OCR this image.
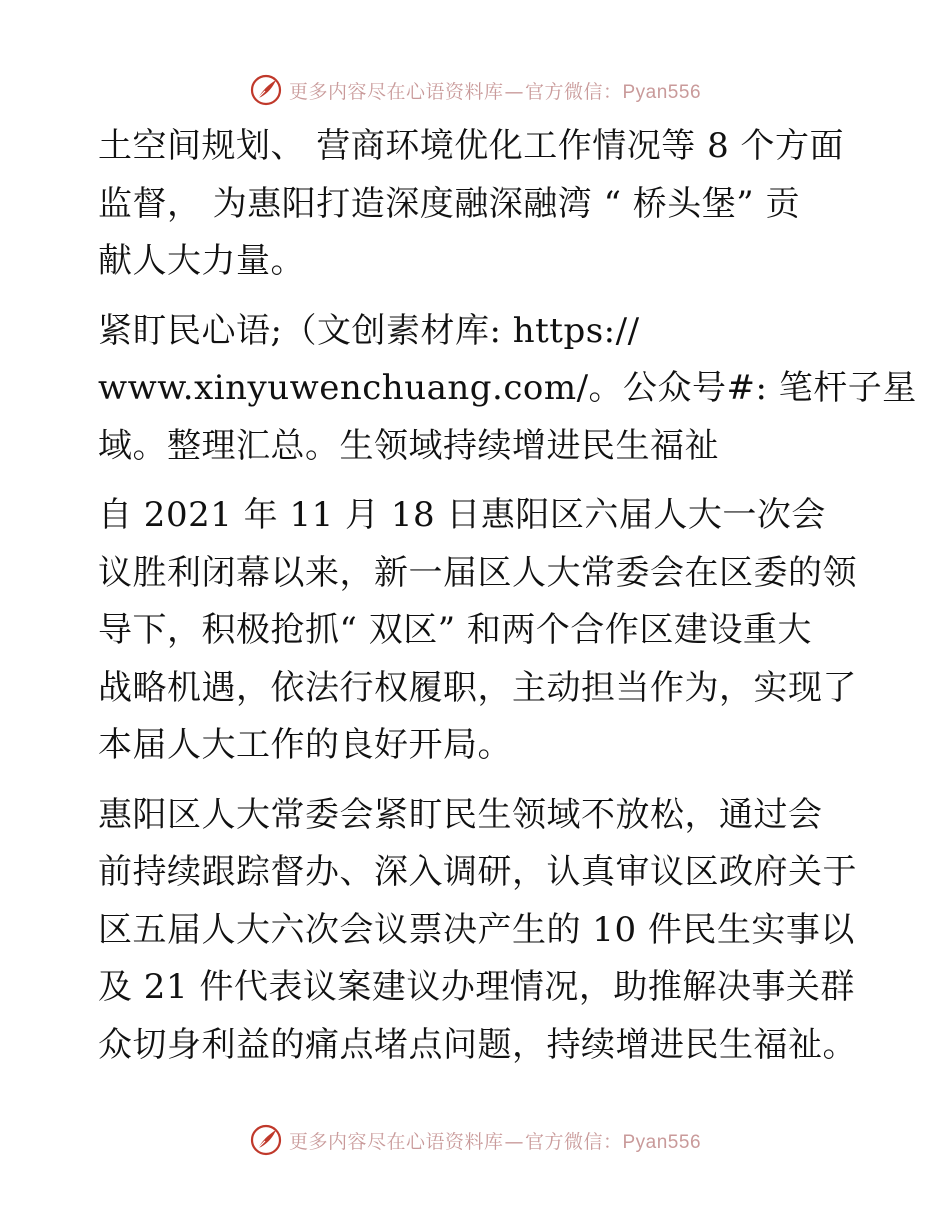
更多内容尽在心语资料库—官方微信：Pyan556

土空间规划、 营商环境优化工作情况等 8 个方面
监督， 为惠阳打造深度融深融湾 “ 桥头堡” 贡
献人大力量。

紧盯民心语;（文创素材库: https://
www.xinyuwenchuang.com/。公众号#: 笔杆子星
域。整理汇总。生领域持续增进民生福祉

自 2021 年 11 月 18 日惠阳区六届人大一次会
议胜利闭幕以来，新一届区人大常委会在区委的领
导下，积极抢抓“ 双区” 和两个合作区建设重大
战略机遇，依法行权履职，主动担当作为，实现了
本届人大工作的良好开局。

惠阳区人大常委会紧盯民生领域不放松，通过会
前持续跟踪督办、深入调研，认真审议区政府关于
区五届人大六次会议票决产生的 10 件民生实事以
及 21 件代表议案建议办理情况，助推解决事关群
众切身利益的痛点堵点问题，持续增进民生福祉。

更多内容尽在心语资料库—官方微信：Pyan556
